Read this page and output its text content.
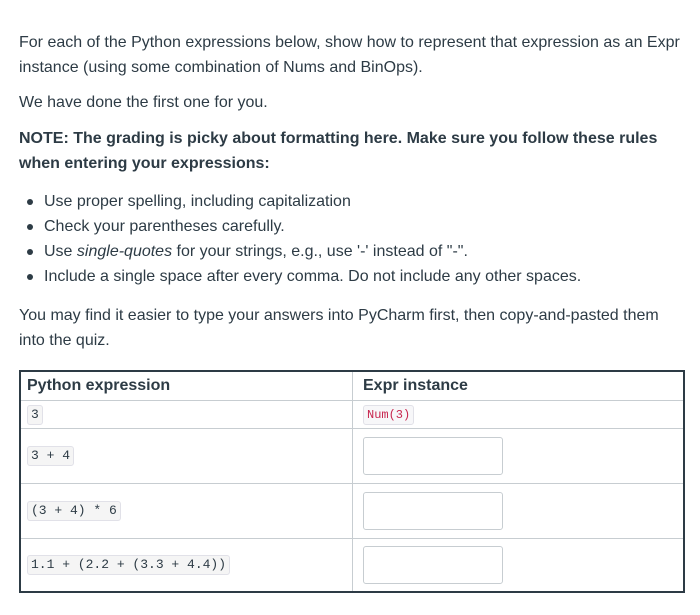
For each of the Python expressions below, show how to represent that expression as an Expr instance (using some combination of Nums and BinOps).

We have done the first one for you.

NOTE: The grading is picky about formatting here. Make sure you follow these rules when entering your expressions:

Use proper spelling, including capitalization
Check your parentheses carefully.
Use single-quotes for your strings, e.g., use '-' instead of "-".
Include a single space after every comma. Do not include any other spaces.

You may find it easier to type your answers into PyCharm first, then copy-and-pasted them into the quiz.

Python expression	Expr instance
3	Num(3)
3 + 4	

(3 + 4) * 6	

1.1 + (2.2 + (3.3 + 4.4))	
